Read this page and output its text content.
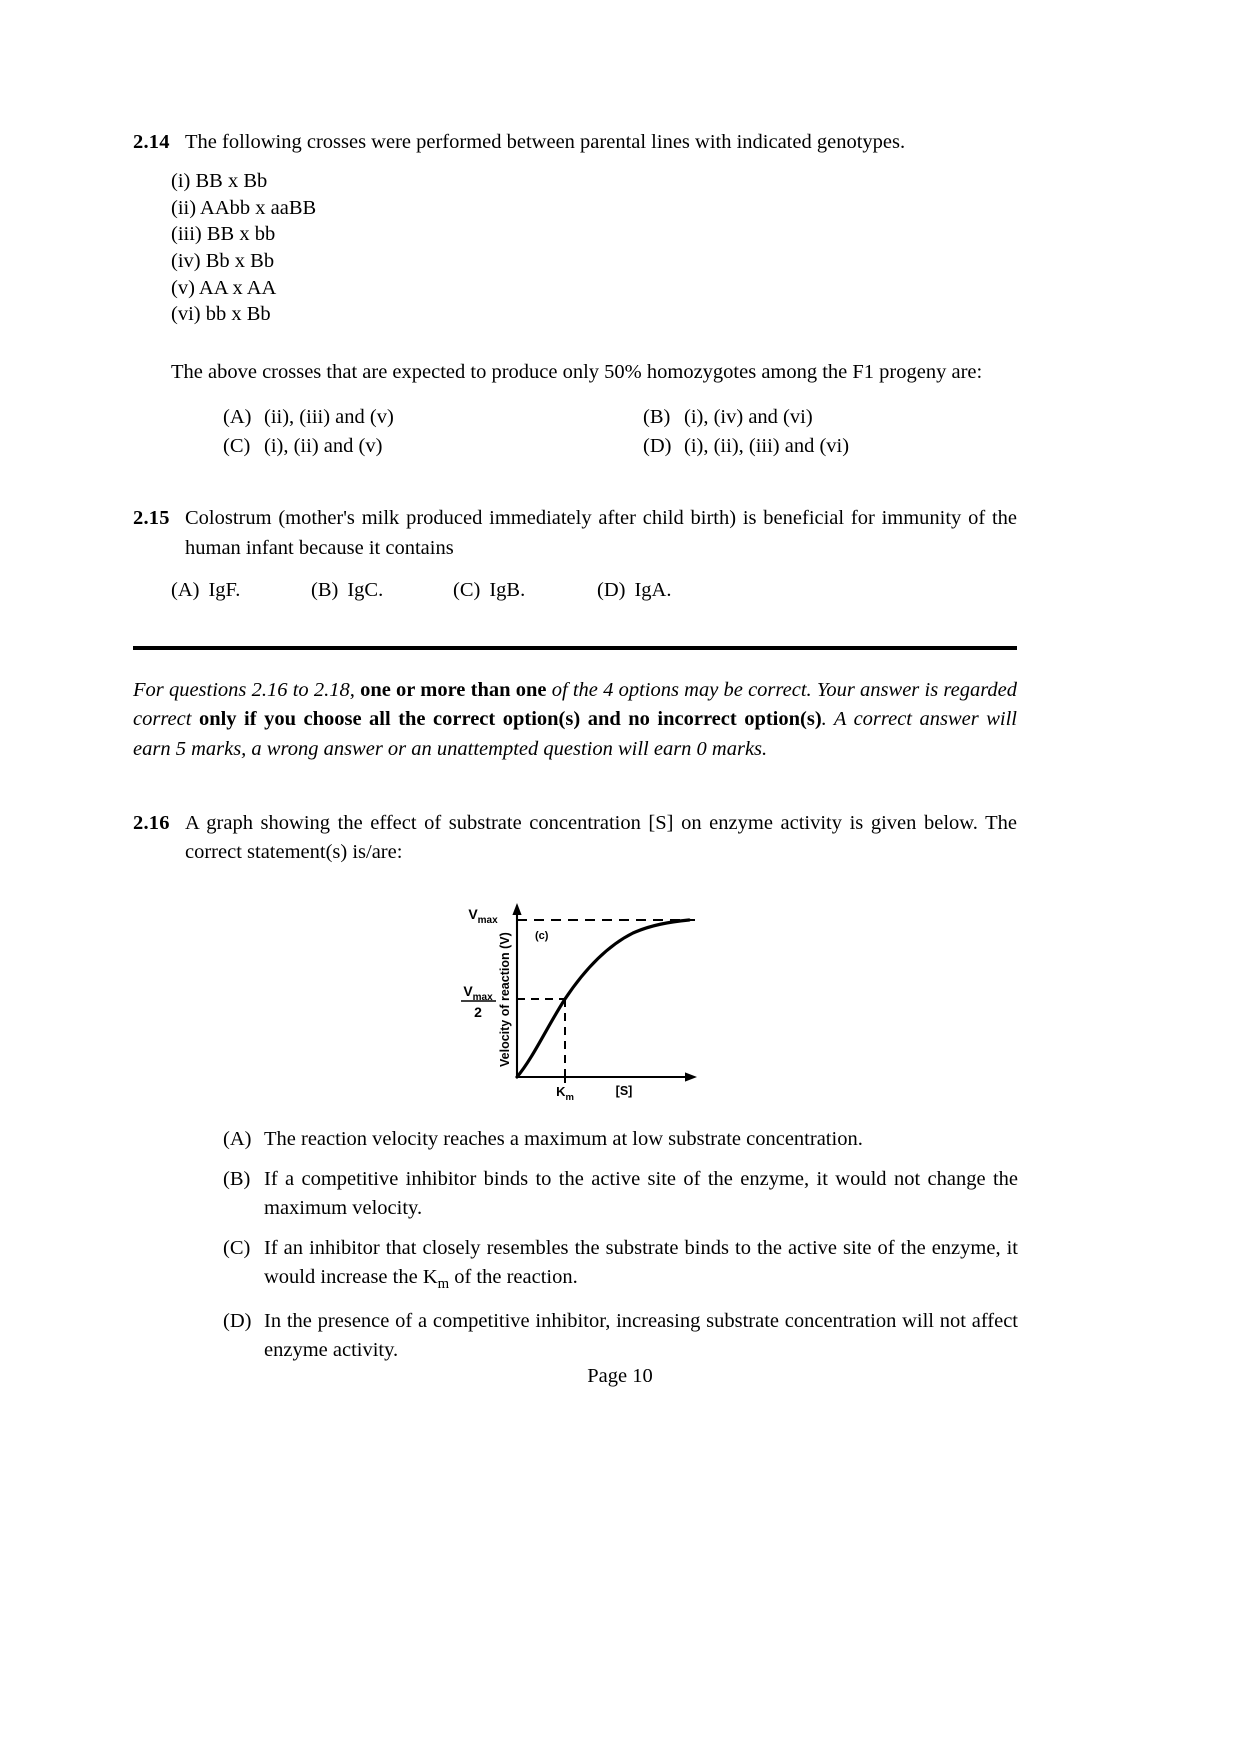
2.14 The following crosses were performed between parental lines with indicated genotypes.
(i) BB x Bb
(ii) AAbb x aaBB
(iii) BB x bb
(iv) Bb x Bb
(v) AA x AA
(vi) bb x Bb
The above crosses that are expected to produce only 50% homozygotes among the F1 progeny are:
(A) (ii), (iii) and (v)	(B) (i), (iv) and (vi)
(C) (i), (ii) and (v)	(D) (i), (ii), (iii) and (vi)
2.15 Colostrum (mother's milk produced immediately after child birth) is beneficial for immunity of the human infant because it contains
(A) IgF.	(B) IgC.	(C) IgB.	(D) IgA.
For questions 2.16 to 2.18, one or more than one of the 4 options may be correct. Your answer is regarded correct only if you choose all the correct option(s) and no incorrect option(s). A correct answer will earn 5 marks, a wrong answer or an unattempted question will earn 0 marks.
2.16 A graph showing the effect of substrate concentration [S] on enzyme activity is given below. The correct statement(s) is/are:
(c)
$V_{max}$
$V_{max}$
2 Velocity of reaction (V)
$K_m$	[S]
(A) The reaction velocity reaches a maximum at low substrate concentration.
(B) If a competitive inhibitor binds to the active site of the enzyme, it would not change the maximum velocity.
(C) If an inhibitor that closely resembles the substrate binds to the active site of the enzyme, it would increase the $K_m$ of the reaction.
(D) In the presence of a competitive inhibitor, increasing substrate concentration will not affect enzyme activity.
Page 10
